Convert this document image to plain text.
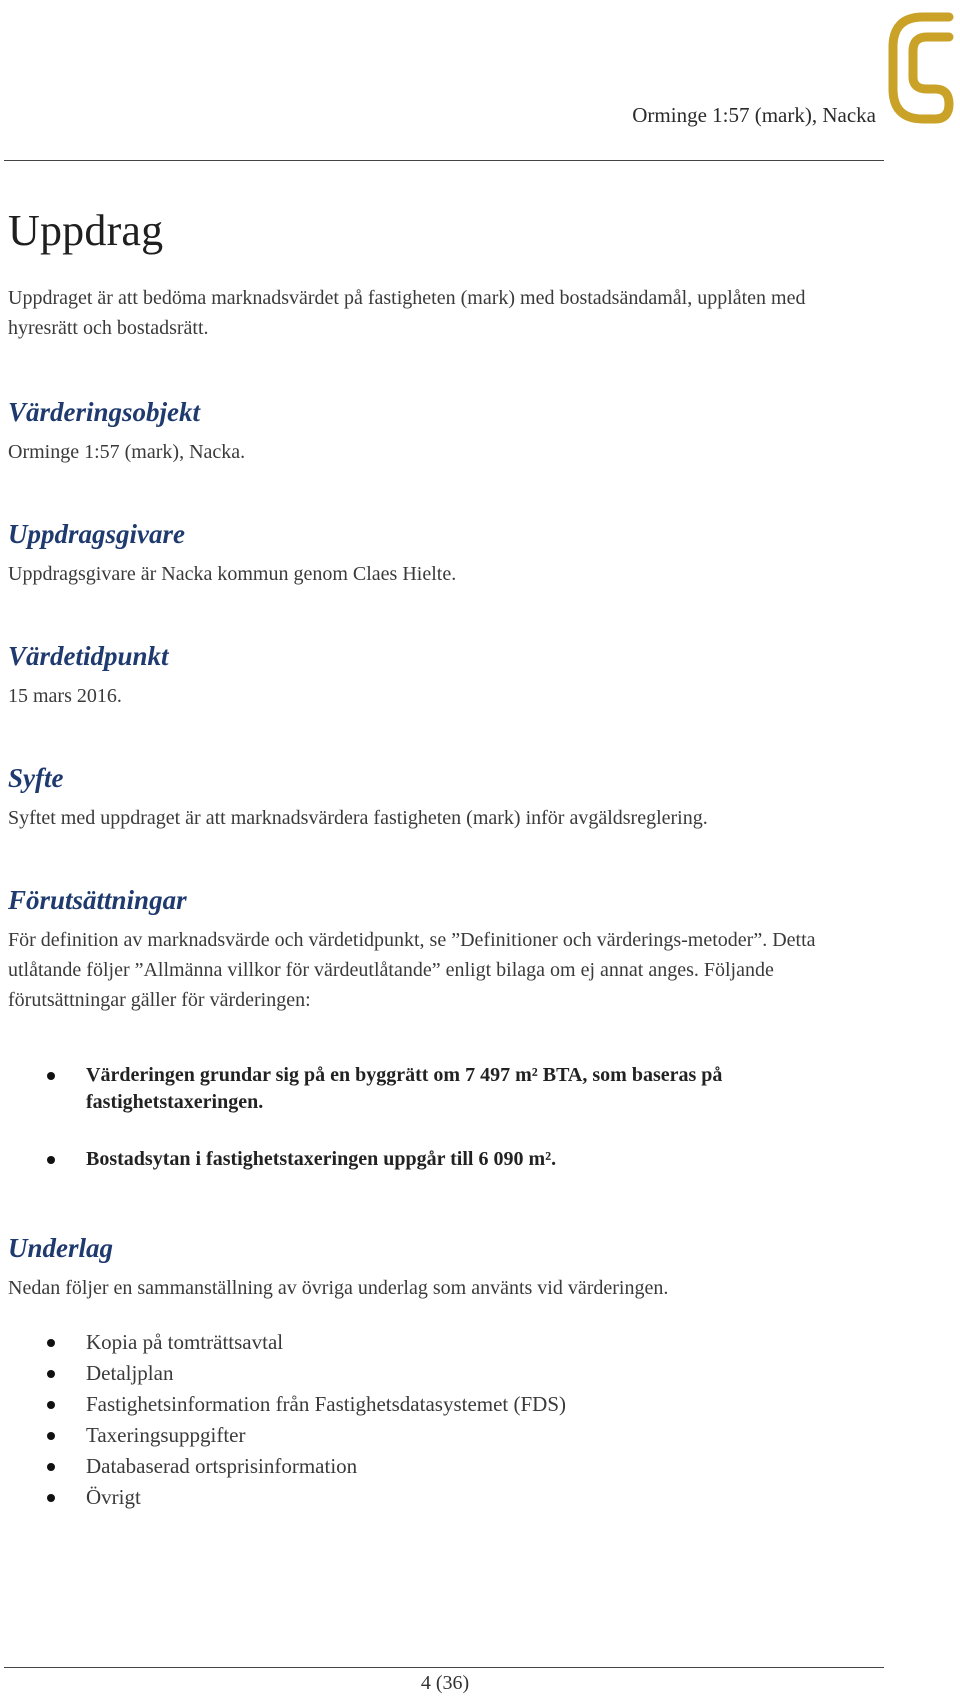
Orminge 1:57 (mark), Nacka
Uppdrag

Uppdraget är att bedöma marknadsvärdet på fastigheten (mark) med bostadsändamål, upplåten med hyresrätt och bostadsrätt.

Värderingsobjekt

Orminge 1:57 (mark), Nacka.

Uppdragsgivare

Uppdragsgivare är Nacka kommun genom Claes Hielte.

Värdetidpunkt

15 mars 2016.

Syfte

Syftet med uppdraget är att marknadsvärdera fastigheten (mark) inför avgäldsreglering.

Förutsättningar

För definition av marknadsvärde och värdetidpunkt, se ”Definitioner och värderings-metoder”. Detta utlåtande följer ”Allmänna villkor för värdeutlåtande” enligt bilaga om ej annat anges. Följande förutsättningar gäller för värderingen:

Värderingen grundar sig på en byggrätt om 7 497 m² BTA, som baseras på fastighetstaxeringen.
Bostadsytan i fastighetstaxeringen uppgår till 6 090 m².
Underlag

Nedan följer en sammanställning av övriga underlag som använts vid värderingen.

Kopia på tomträttsavtal
Detaljplan
Fastighetsinformation från Fastighetsdatasystemet (FDS)
Taxeringsuppgifter
Databaserad ortsprisinformation
Övrigt
4 (36)
